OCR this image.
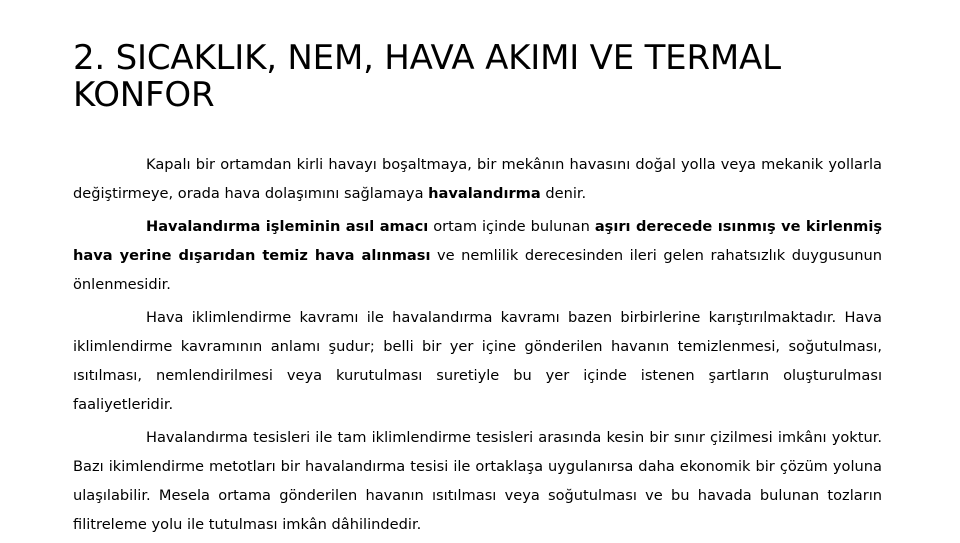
2. SICAKLIK, NEM, HAVA AKIMI VE TERMAL KONFOR

Kapalı bir ortamdan kirli havayı boşaltmaya, bir mekânın havasını doğal yolla veya mekanik yollarla değiştirmeye, orada hava dolaşımını sağlamaya havalandırma denir.

Havalandırma işleminin asıl amacı ortam içinde bulunan aşırı derecede ısınmış ve kirlenmiş hava yerine dışarıdan temiz hava alınması ve nemlilik derecesinden ileri gelen rahatsızlık duygusunun önlenmesidir.

Hava iklimlendirme kavramı ile havalandırma kavramı bazen birbirlerine karıştırılmaktadır. Hava iklimlendirme kavramının anlamı şudur; belli bir yer içine gönderilen havanın temizlenmesi, soğutulması, ısıtılması, nemlendirilmesi veya kurutulması suretiyle bu yer içinde istenen şartların oluşturulması faaliyetleridir.

Havalandırma tesisleri ile tam iklimlendirme tesisleri arasında kesin bir sınır çizilmesi imkânı yoktur. Bazı ikimlendirme metotları bir havalandırma tesisi ile ortaklaşa uygulanırsa daha ekonomik bir çözüm yoluna ulaşılabilir. Mesela ortama gönderilen havanın ısıtılması veya soğutulması ve bu havada bulunan tozların filitreleme yolu ile tutulması imkân dâhilindedir.
